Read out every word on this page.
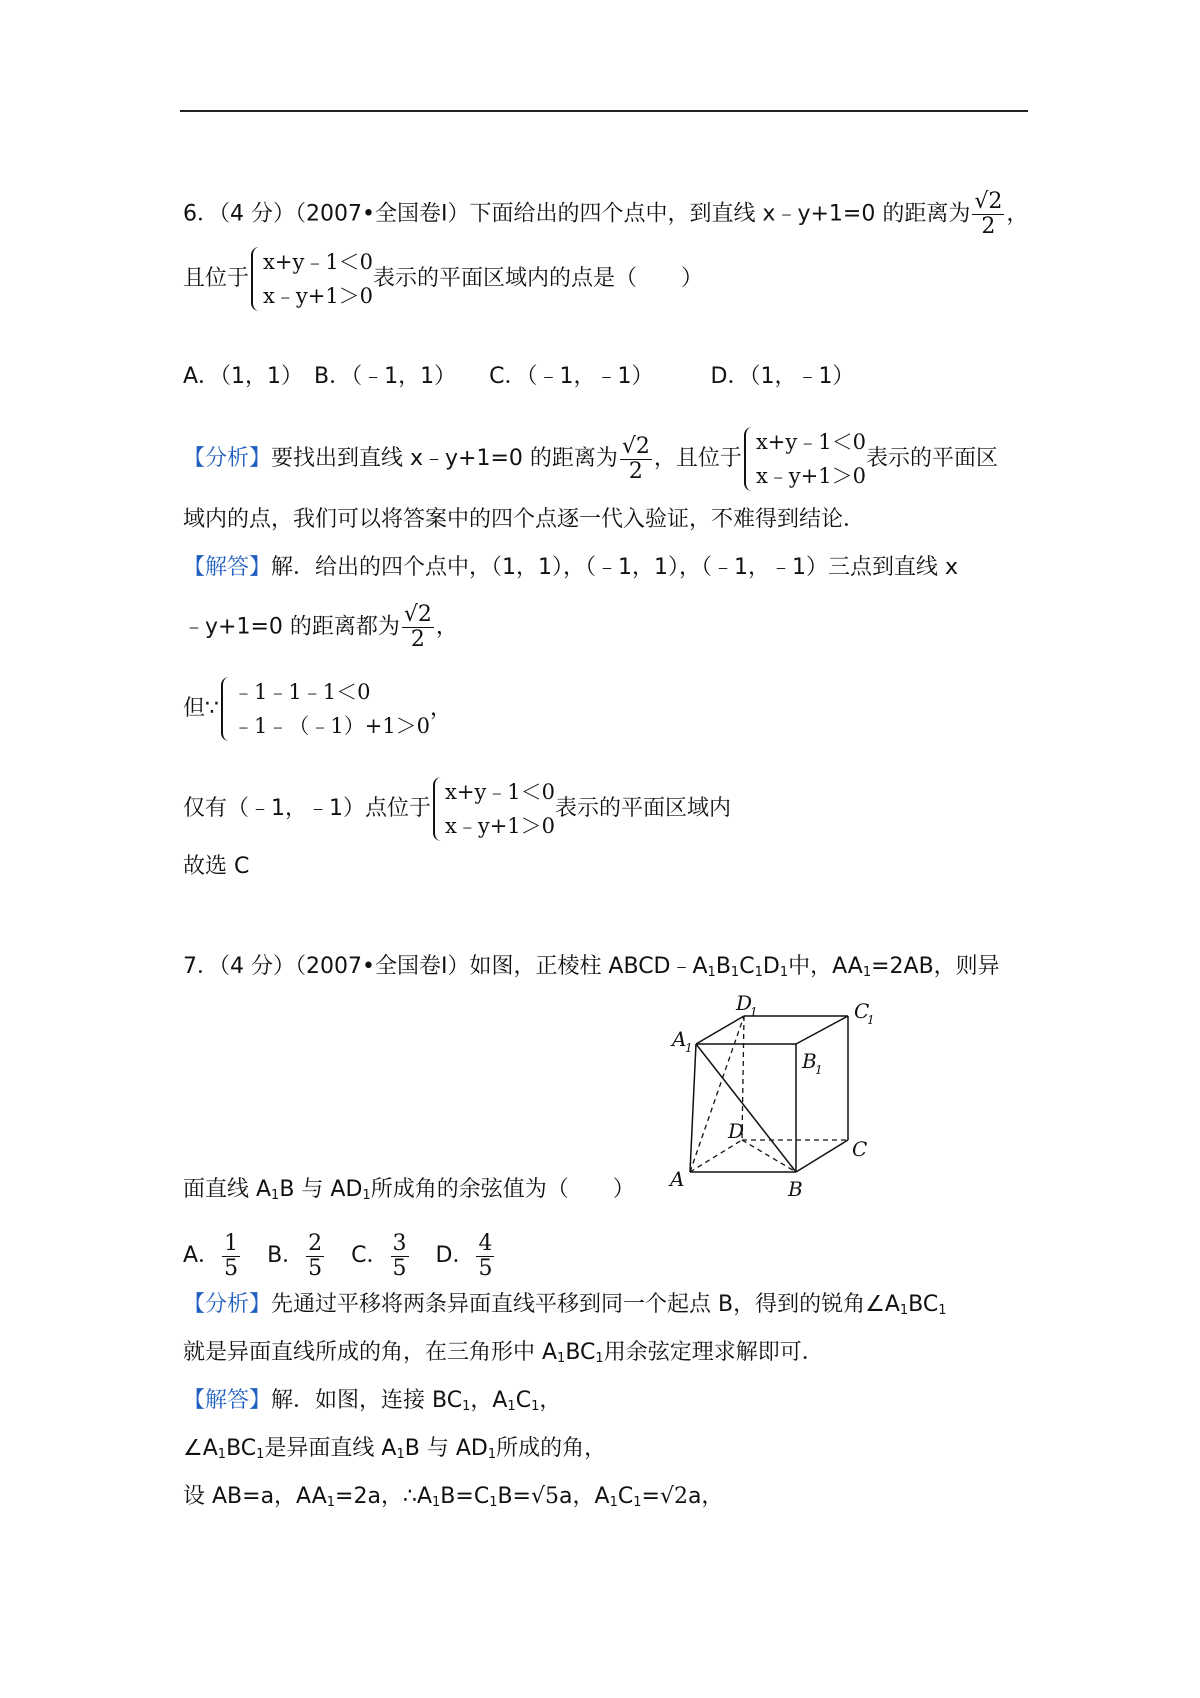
6．（4 分）（2007•全国卷Ⅰ）下面给出的四个点中，到直线 x﹣y+1=0 的距离为 $\frac{√2}{2}$ ，
且位于
x+y﹣1＜0
x﹣y+1＞0
表示的平面区域内的点是（　　）
A．（1，1） B．（﹣1，1） C．（﹣1，﹣1）	D．（1，﹣1）
【分析】要找出到直线 x﹣y+1=0 的距离为 $\frac{√2}{2}$ ，且位于
x+y﹣1＜0
x﹣y+1＞0
表示的平面区
域内的点，我们可以将答案中的四个点逐一代入验证，不难得到结论．
【解答】解．给出的四个点中，（1，1），（﹣1，1），（﹣1，﹣1）三点到直线 x
﹣y+1=0 的距离都为 $\frac{√2}{2}$ ，
但∵
﹣1﹣1﹣1＜0
﹣1﹣（﹣1）+1＞0
，
仅有（﹣1，﹣1）点位于
x+y﹣1＜0
x﹣y+1＞0
表示的平面区域内
故选 C
7．（4 分）（2007•全国卷Ⅰ）如图，正棱柱 $ABCD﹣A_1B_1C_1D_1$中，$AA_1=2AB$，则异
D
1	C
1
A
1
B
1
D
C
A	B
面直线 $A_1B$ 与 $AD_1$所成角的余弦值为（　　）
A． $\frac{1}{5}$ B． $\frac{2}{5}$ C． $\frac{3}{5}$ D． $\frac{4}{5}$
【分析】先通过平移将两条异面直线平移到同一个起点 B，得到的锐角$\angle A_1BC_1$
就是异面直线所成的角，在三角形中 $A_1BC_1$用余弦定理求解即可．
【解答】解．如图，连接 $BC_1$，$A_1C_1$，
$\angle A_1BC_1$是异面直线 $A_1B$ 与 $AD_1$所成的角，
设 AB=a，$AA_1=2a$，$\therefore A_1B=C_1B=√5a$，$A_1C_1=√2a$，
